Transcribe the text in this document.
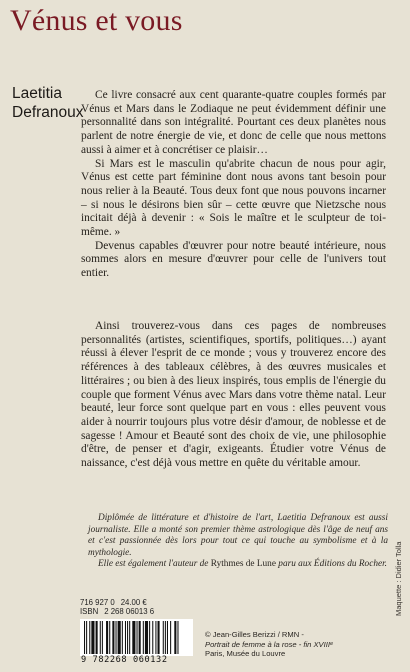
Vénus et vous
Laetitia
Defranoux

Ce livre consacré aux cent quarante-quatre couples formés par Vénus et Mars dans le Zodiaque ne peut évidemment définir une personnalité dans son intégralité. Pourtant ces deux planètes nous parlent de notre énergie de vie, et donc de celle que nous mettons aussi à aimer et à concrétiser ce plaisir…

Si Mars est le masculin qu'abrite chacun de nous pour agir, Vénus est cette part féminine dont nous avons tant besoin pour nous relier à la Beauté. Tous deux font que nous pouvons incarner – si nous le désirons bien sûr – cette œuvre que Nietzsche nous incitait déjà à devenir : « Sois le maître et le sculpteur de toi-même. »

Devenus capables d'œuvrer pour notre beauté intérieure, nous sommes alors en mesure d'œuvrer pour celle de l'univers tout entier.

Ainsi trouverez-vous dans ces pages de nombreuses personnalités (artistes, scientifiques, sportifs, politiques…) ayant réussi à élever l'esprit de ce monde ; vous y trouverez encore des références à des tableaux célèbres, à des œuvres musicales et littéraires ; ou bien à des lieux inspirés, tous emplis de l'énergie du couple que forment Vénus avec Mars dans votre thème natal. Leur beauté, leur force sont quelque part en vous : elles peuvent vous aider à nourrir toujours plus votre désir d'amour, de noblesse et de sagesse ! Amour et Beauté sont des choix de vie, une philosophie d'être, de penser et d'agir, exigeants. Étudier votre Vénus de naissance, c'est déjà vous mettre en quête du véritable amour.

Diplômée de littérature et d'histoire de l'art, Laetitia Defranoux est aussi journaliste. Elle a monté son premier thème astrologique dès l'âge de neuf ans et c'est passionnée dès lors pour tout ce qui touche au symbolisme et à la mythologie.

Elle est également l'auteur de Rythmes de Lune paru aux Éditions du Rocher. Maquette : Didier Tolla
716 927 0 24.00 €
ISBN 2 268 06013 6
9 782268 060132
© Jean-Gilles Berizzi / RMN -
Portrait de femme à la rose - fin XVIIIᵉ
Paris, Musée du Louvre
